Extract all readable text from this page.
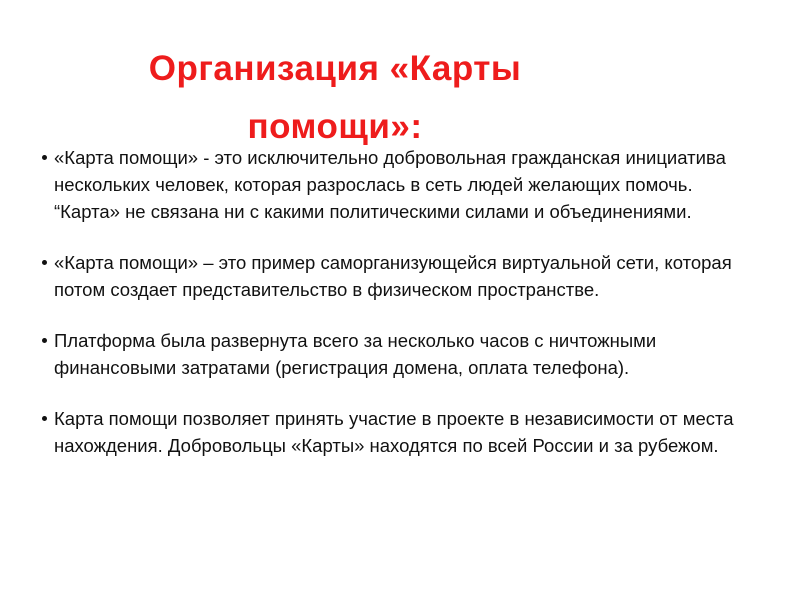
Организация «Карты помощи»:
«Карта помощи» - это исключительно добровольная гражданская инициатива нескольких человек, которая разрослась в сеть людей желающих помочь. “Карта» не связана ни с какими политическими силами и объединениями.
«Карта помощи» – это пример саморганизующейся виртуальной сети, которая потом создает представительство в физическом пространстве.
Платформа была развернута всего за несколько часов с ничтожными финансовыми затратами (регистрация домена, оплата телефона).
Карта помощи позволяет принять участие в проекте в независимости от места нахождения. Добровольцы «Карты» находятся по всей России и за рубежом.
